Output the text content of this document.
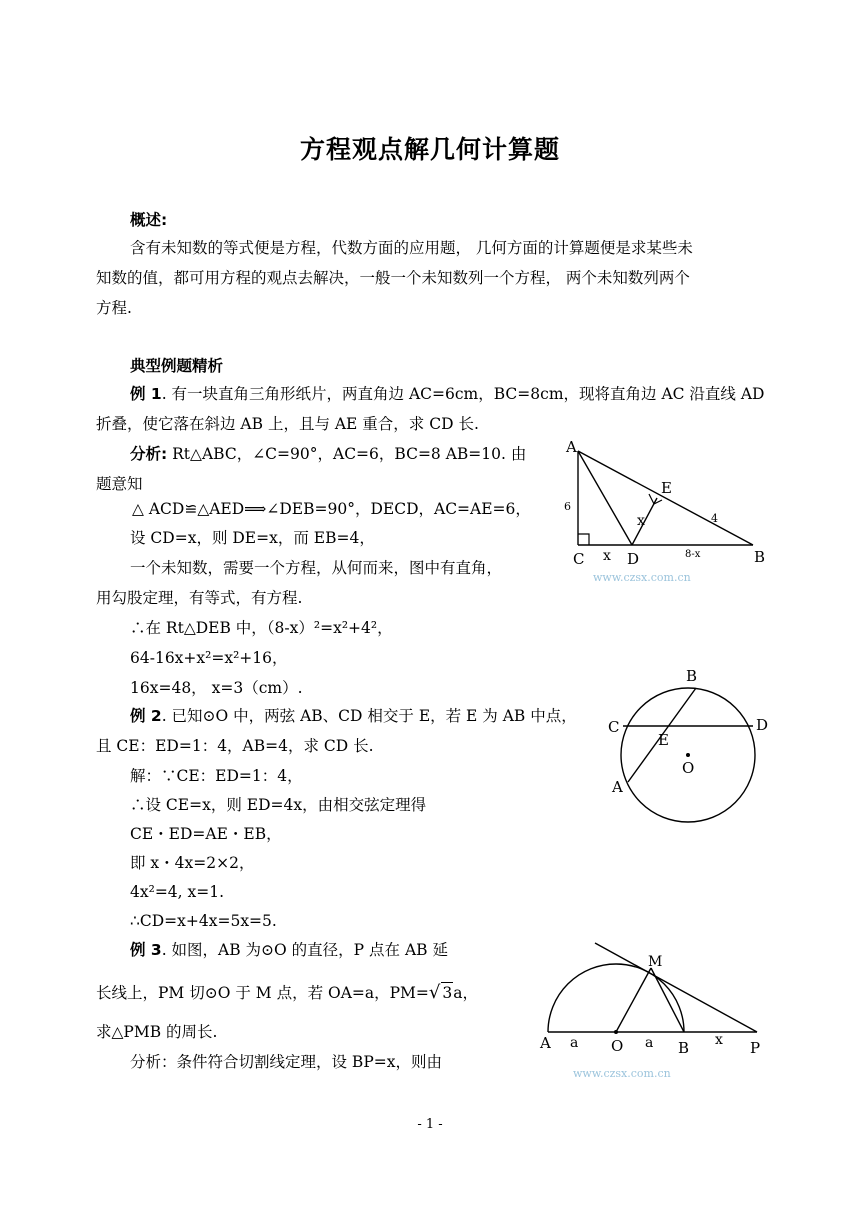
方程观点解几何计算题
概述:
含有未知数的等式便是方程，代数方面的应用题， 几何方面的计算题便是求某些未
知数的值，都可用方程的观点去解决，一般一个未知数列一个方程， 两个未知数列两个
方程.
典型例题精析
例 1. 有一块直角三角形纸片，两直角边 AC=6cm，BC=8cm，现将直角边 AC 沿直线 AD
折叠，使它落在斜边 AB 上，且与 AE 重合，求 CD 长.
分析: Rt△ABC，∠C=90°，AC=6，BC=8 AB=10. 由
题意知
△ ACD≌△AED⟹∠DEB=90°，DECD，AC=AE=6，
设 CD=x，则 DE=x，而 EB=4，
一个未知数，需要一个方程，从何而来，图中有直角，
用勾股定理，有等式，有方程.
∴在 Rt△DEB 中，（8-x）²=x²+4²，
64-16x+x²=x²+16，
16x=48， x=3（cm）.
例 2. 已知⊙O 中，两弦 AB、CD 相交于 E，若 E 为 AB 中点，
且 CE：ED=1：4，AB=4，求 CD 长.
解：∵CE：ED=1：4，
∴设 CE=x，则 ED=4x，由相交弦定理得
CE・ED=AE・EB，
即 x・4x=2×2，
4x²=4, x=1.
∴CD=x+4x=5x=5.
例 3. 如图，AB 为⊙O 的直径，P 点在 AB 延
长线上，PM 切⊙O 于 M 点，若 OA=a，PM=√ 3a，
求△PMB 的周长.
分析：条件符合切割线定理，设 BP=x，则由
A
B
C	D
E
x
x
6
4
8-x
www.czsx.com.cn
B
C	D
E
O
A
M
A	O	B	P
a	a	x
www.czsx.com.cn
- 1 -
